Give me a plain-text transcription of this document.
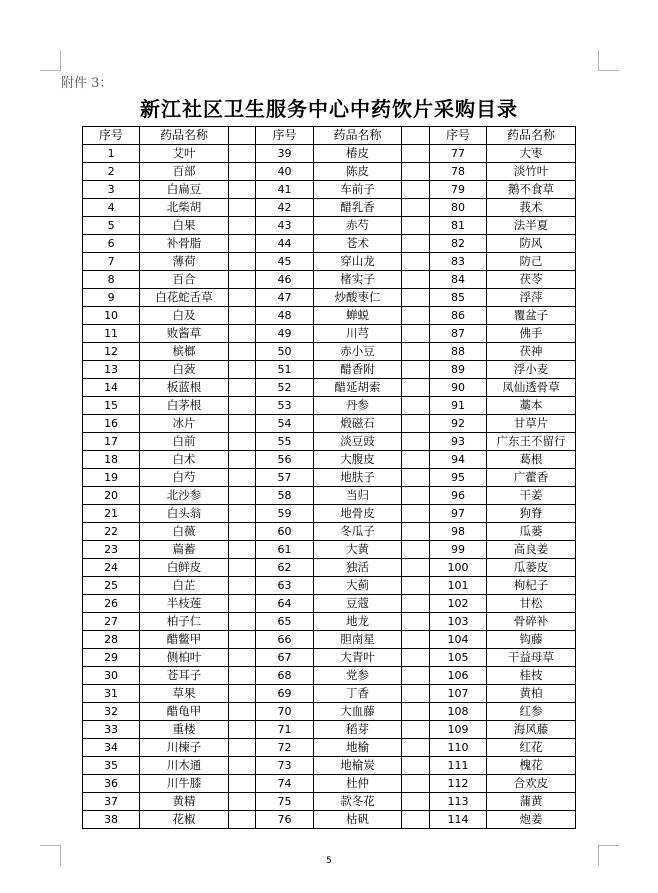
附件 3：
新江社区卫生服务中心中药饮片采购目录
序号	药品名称		序号	药品名称		序号	药品名称
1	艾叶		39	椿皮		77	大枣
2	百部		40	陈皮		78	淡竹叶
3	白扁豆		41	车前子		79	鹅不食草
4	北柴胡		42	醋乳香		80	莪术
5	白果		43	赤芍		81	法半夏
6	补骨脂		44	苍术		82	防风
7	薄荷		45	穿山龙		83	防己
8	百合		46	楮实子		84	茯苓
9	白花蛇舌草		47	炒酸枣仁		85	浮萍
10	白及		48	蝉蜕		86	覆盆子
11	败酱草		49	川芎		87	佛手
12	槟榔		50	赤小豆		88	茯神
13	白蔹		51	醋香附		89	浮小麦
14	板蓝根		52	醋延胡索		90	凤仙透骨草
15	白茅根		53	丹参		91	藁本
16	冰片		54	煅磁石		92	甘草片
17	白前		55	淡豆豉		93	广东王不留行
18	白术		56	大腹皮		94	葛根
19	白芍		57	地肤子		95	广藿香
20	北沙参		58	当归		96	干姜
21	白头翁		59	地骨皮		97	狗脊
22	白薇		60	冬瓜子		98	瓜蒌
23	萹蓄		61	大黄		99	高良姜
24	白鲜皮		62	独活		100	瓜蒌皮
25	白芷		63	大蓟		101	枸杞子
26	半枝莲		64	豆蔻		102	甘松
27	柏子仁		65	地龙		103	骨碎补
28	醋鳖甲		66	胆南星		104	钩藤
29	侧柏叶		67	大青叶		105	干益母草
30	苍耳子		68	党参		106	桂枝
31	草果		69	丁香		107	黄柏
32	醋龟甲		70	大血藤		108	红参
33	重楼		71	稻芽		109	海风藤
34	川楝子		72	地榆		110	红花
35	川木通		73	地榆炭		111	槐花
36	川牛膝		74	杜仲		112	合欢皮
37	黄精		75	款冬花		113	蒲黄
38	花椒		76	枯矾		114	炮姜
5
